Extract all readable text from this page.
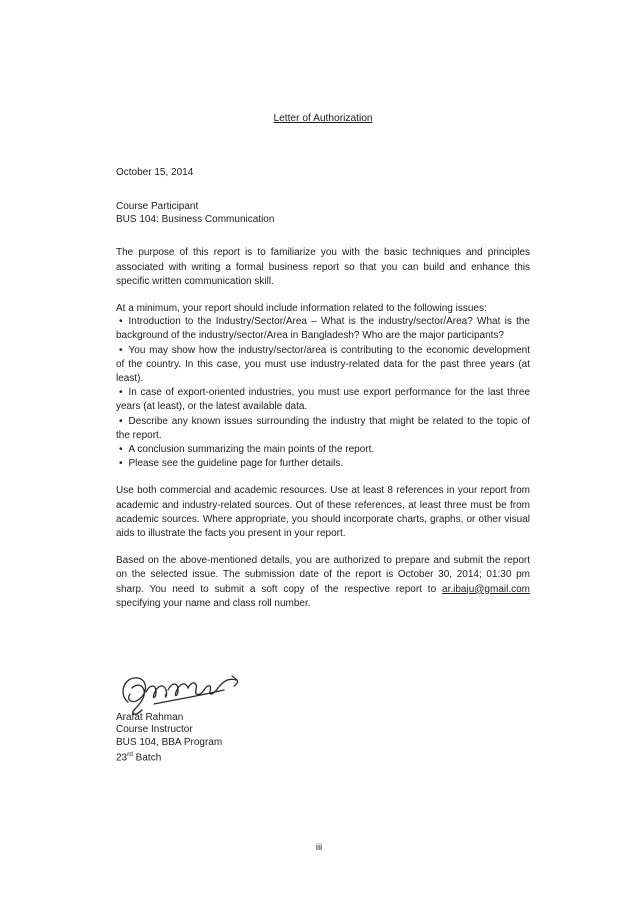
Letter of Authorization
October 15, 2014
Course Participant
BUS 104: Business Communication

The purpose of this report is to familiarize you with the basic techniques and principles associated with writing a formal business report so that you can build and enhance this specific written communication skill.

At a minimum, your report should include information related to the following issues:
• Introduction to the Industry/Sector/Area – What is the industry/sector/Area? What is the background of the industry/sector/Area in Bangladesh? Who are the major participants?
• You may show how the industry/sector/area is contributing to the economic development of the country. In this case, you must use industry-related data for the past three years (at least).
• In case of export-oriented industries, you must use export performance for the last three years (at least), or the latest available data.
• Describe any known issues surrounding the industry that might be related to the topic of the report.
• A conclusion summarizing the main points of the report.
• Please see the guideline page for further details.

Use both commercial and academic resources. Use at least 8 references in your report from academic and industry-related sources. Out of these references, at least three must be from academic sources. Where appropriate, you should incorporate charts, graphs, or other visual aids to illustrate the facts you present in your report.

Based on the above-mentioned details, you are authorized to prepare and submit the report on the selected issue. The submission date of the report is October 30, 2014; 01:30 pm sharp. You need to submit a soft copy of the respective report to ar.ibaju@gmail.com specifying your name and class roll number.

Arafat Rahman
Course Instructor
BUS 104, BBA Program
23rd Batch
iii
